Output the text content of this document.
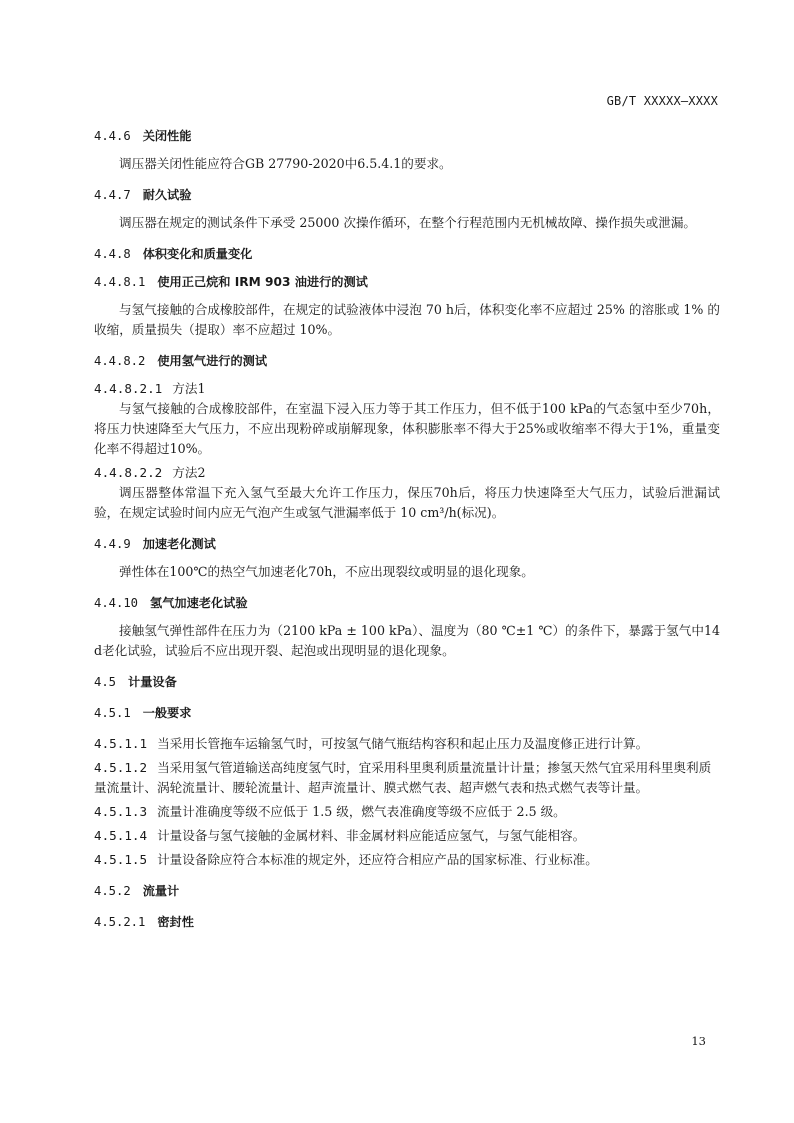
GB/T XXXXX—XXXX
4.4.6 关闭性能
调压器关闭性能应符合GB 27790-2020中6.5.4.1的要求。
4.4.7 耐久试验
调压器在规定的测试条件下承受 25000 次操作循环，在整个行程范围内无机械故障、操作损失或泄漏。
4.4.8 体积变化和质量变化
4.4.8.1 使用正己烷和 IRM 903 油进行的测试
与氢气接触的合成橡胶部件，在规定的试验液体中浸泡 70 h后，体积变化率不应超过 25% 的溶胀或 1% 的收缩，质量损失（提取）率不应超过 10%。
4.4.8.2 使用氢气进行的测试
4.4.8.2.1 方法1
与氢气接触的合成橡胶部件，在室温下浸入压力等于其工作压力，但不低于100 kPa的气态氢中至少70h，将压力快速降至大气压力，不应出现粉碎或崩解现象，体积膨胀率不得大于25%或收缩率不得大于1%，重量变化率不得超过10%。
4.4.8.2.2 方法2
调压器整体常温下充入氢气至最大允许工作压力，保压70h后，将压力快速降至大气压力，试验后泄漏试验，在规定试验时间内应无气泡产生或氢气泄漏率低于 10 cm³/h(标况)。
4.4.9 加速老化测试
弹性体在100℃的热空气加速老化70h，不应出现裂纹或明显的退化现象。
4.4.10 氢气加速老化试验
接触氢气弹性部件在压力为（2100 kPa ± 100 kPa）、温度为（80 ℃±1 ℃）的条件下，暴露于氢气中14 d老化试验，试验后不应出现开裂、起泡或出现明显的退化现象。
4.5 计量设备
4.5.1 一般要求
4.5.1.1 当采用长管拖车运输氢气时，可按氢气储气瓶结构容积和起止压力及温度修正进行计算。
4.5.1.2 当采用氢气管道输送高纯度氢气时，宜采用科里奥利质量流量计计量；掺氢天然气宜采用科里奥利质量流量计、涡轮流量计、腰轮流量计、超声流量计、膜式燃气表、超声燃气表和热式燃气表等计量。
4.5.1.3 流量计准确度等级不应低于 1.5 级，燃气表准确度等级不应低于 2.5 级。
4.5.1.4 计量设备与氢气接触的金属材料、非金属材料应能适应氢气，与氢气能相容。
4.5.1.5 计量设备除应符合本标准的规定外，还应符合相应产品的国家标准、行业标准。
4.5.2 流量计
4.5.2.1 密封性
13
